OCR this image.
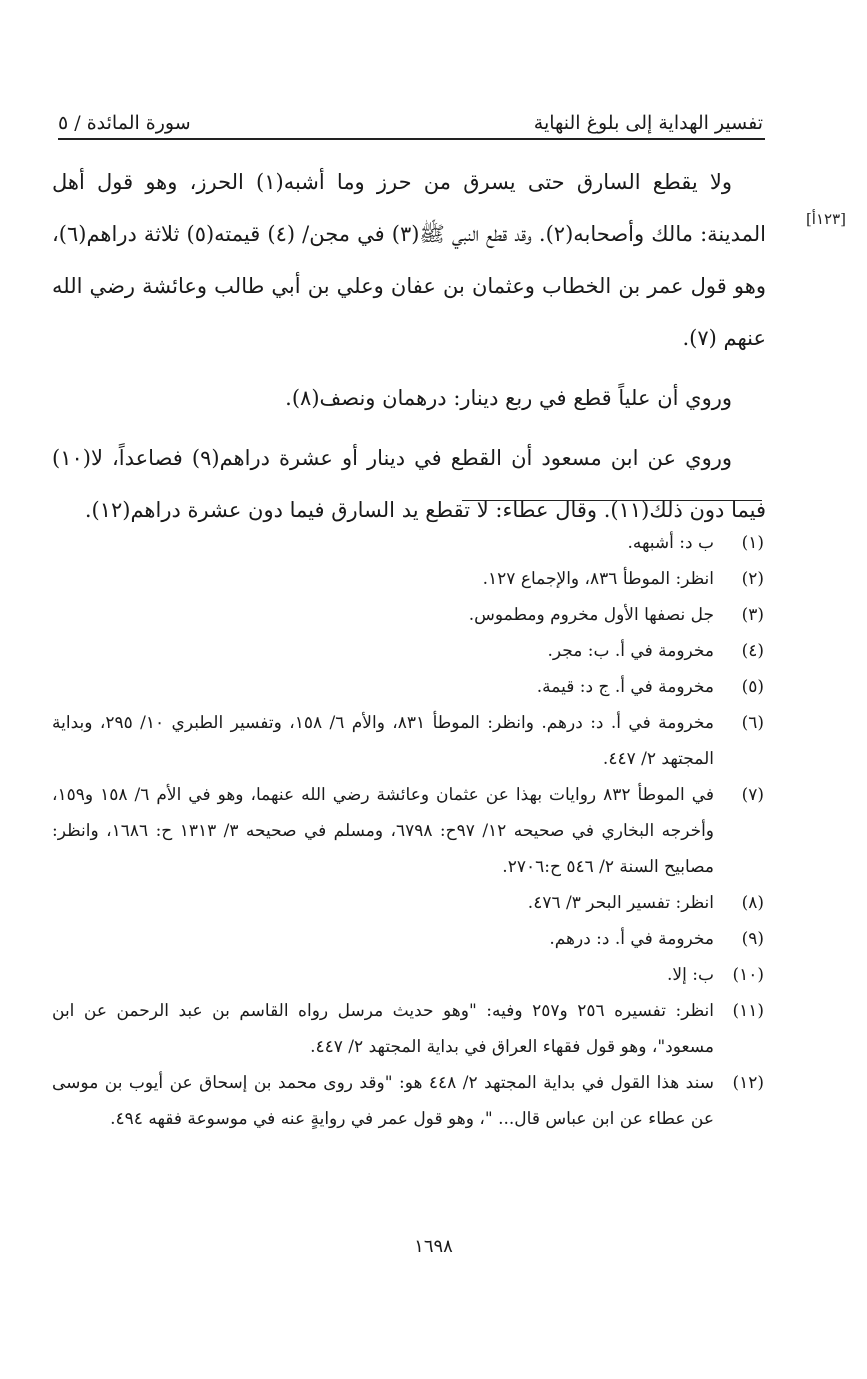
تفسير الهداية إلى بلوغ النهاية
سورة المائدة / ٥
[١٢٣أ]

ولا يقطع السارق حتى يسرق من حرز وما أشبه(١) الحرز، وهو قول أهل المدينة: مالك وأصحابه(٢). وقد قطع النبي ﷺ(٣) في مجن/ (٤) قيمته(٥) ثلاثة دراهم(٦)، وهو قول عمر بن الخطاب وعثمان بن عفان وعلي بن أبي طالب وعائشة رضي الله عنهم (٧).

وروي أن علياً قطع في ربع دينار: درهمان ونصف(٨).

وروي عن ابن مسعود أن القطع في دينار أو عشرة دراهم(٩) فصاعداً، لا(١٠) فيما دون ذلك(١١). وقال عطاء: لا تقطع يد السارق فيما دون عشرة دراهم(١٢).

(١)
ب د: أشبهه.
(٢)
انظر: الموطأ ٨٣٦، والإجماع ١٢٧.
(٣)
جل نصفها الأول مخروم ومطموس.
(٤)
مخرومة في أ. ب: مجر.
(٥)
مخرومة في أ. ج د: قيمة.
(٦)
مخرومة في أ. د: درهم. وانظر: الموطأ ٨٣١، والأم ٦/ ١٥٨، وتفسير الطبري ١٠/ ٢٩٥، وبداية المجتهد ٢/ ٤٤٧.
(٧)
في الموطأ ٨٣٢ روايات بهذا عن عثمان وعائشة رضي الله عنهما، وهو في الأم ٦/ ١٥٨ و١٥٩، وأخرجه البخاري في صحيحه ١٢/ ٩٧ح: ٦٧٩٨، ومسلم في صحيحه ٣/ ١٣١٣ ح: ١٦٨٦، وانظر: مصابيح السنة ٢/ ٥٤٦ ح:٢٧٠٦.
(٨)
انظر: تفسير البحر ٣/ ٤٧٦.
(٩)
مخرومة في أ. د: درهم.
(١٠)
ب: إلا.
(١١)
انظر: تفسيره ٢٥٦ و٢٥٧ وفيه: "وهو حديث مرسل رواه القاسم بن عبد الرحمن عن ابن مسعود"، وهو قول فقهاء العراق في بداية المجتهد ٢/ ٤٤٧.
(١٢)
سند هذا القول في بداية المجتهد ٢/ ٤٤٨ هو: "وقد روى محمد بن إسحاق عن أيوب بن موسى عن عطاء عن ابن عباس قال... "، وهو قول عمر في روايةٍ عنه في موسوعة فقهه ٤٩٤.
١٦٩٨
